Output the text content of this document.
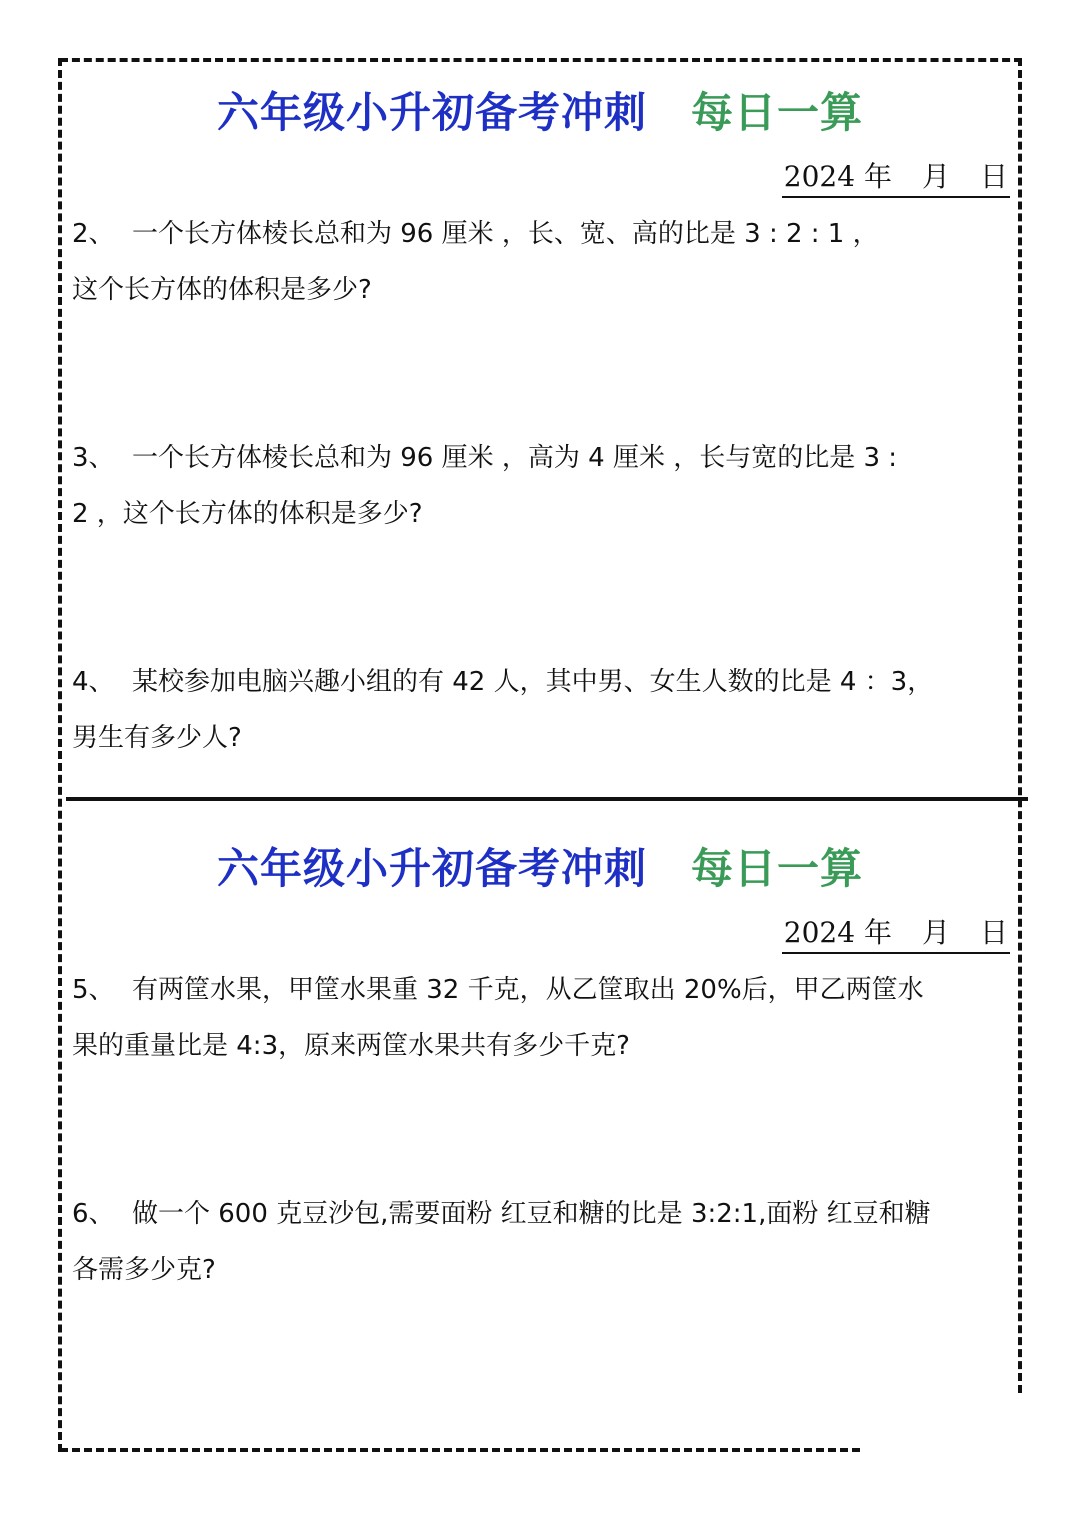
六年级小升初备考冲刺 每日一算
2024 年 月 日
2、 一个长方体棱长总和为 96 厘米 ，长、宽、高的比是 3 : 2 : 1 ，
这个长方体的体积是多少?
3、 一个长方体棱长总和为 96 厘米 ，高为 4 厘米 ，长与宽的比是 3 :
2 ，这个长方体的体积是多少?
4、 某校参加电脑兴趣小组的有 42 人，其中男、女生人数的比是 4 ：3，
男生有多少人?
六年级小升初备考冲刺 每日一算
2024 年 月 日
5、 有两筐水果，甲筐水果重 32 千克，从乙筐取出 20%后，甲乙两筐水
果的重量比是 4:3，原来两筐水果共有多少千克?
6、 做一个 600 克豆沙包,需要面粉 红豆和糖的比是 3:2:1,面粉 红豆和糖
各需多少克?
